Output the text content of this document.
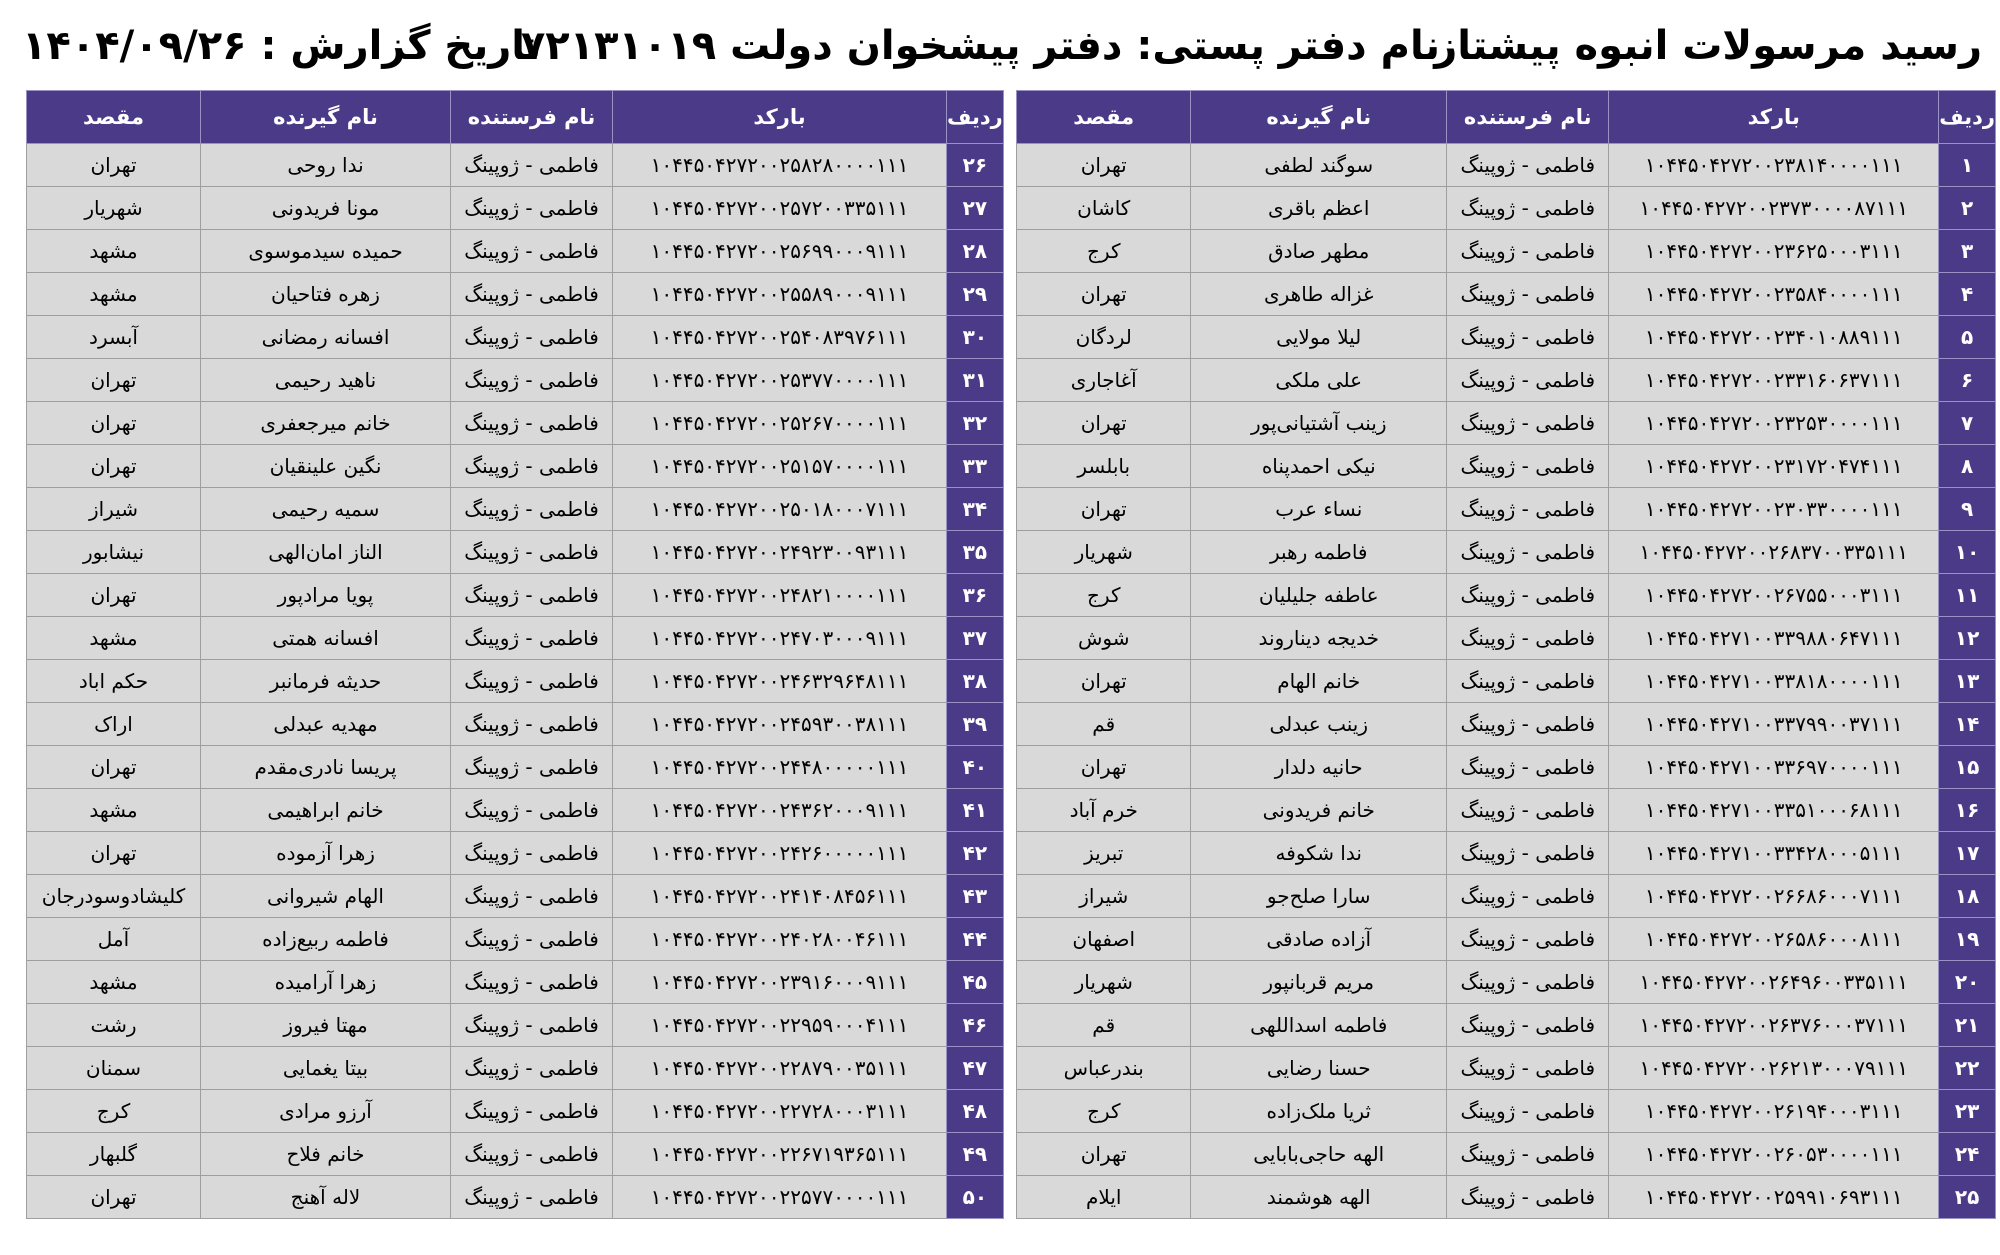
رسید مرسولات انبوه پیشتاز
نام دفتر پستی: دفتر پیشخوان دولت ۷۲۱۳۱۰۱۹
تاریخ گزارش : ۱۴۰۴/۰۹/۲۶
ردیف	بارکد	نام فرستنده	نام گیرنده	مقصد
۱	۱۰۴۴۵۰۴۲۷۲۰۰۲۳۸۱۴۰۰۰۰۱۱۱	فاطمی - ژوپینگ	سوگند لطفی	تهران
۲	۱۰۴۴۵۰۴۲۷۲۰۰۲۳۷۳۰۰۰۰۸۷۱۱۱	فاطمی - ژوپینگ	اعظم باقری	کاشان
۳	۱۰۴۴۵۰۴۲۷۲۰۰۲۳۶۲۵۰۰۰۳۱۱۱	فاطمی - ژوپینگ	مطهر صادق	کرج
۴	۱۰۴۴۵۰۴۲۷۲۰۰۲۳۵۸۴۰۰۰۰۱۱۱	فاطمی - ژوپینگ	غزاله طاهری	تهران
۵	۱۰۴۴۵۰۴۲۷۲۰۰۲۳۴۰۱۰۸۸۹۱۱۱	فاطمی - ژوپینگ	لیلا مولایی	لردگان
۶	۱۰۴۴۵۰۴۲۷۲۰۰۲۳۳۱۶۰۶۳۷۱۱۱	فاطمی - ژوپینگ	علی ملکی	آغاجاری
۷	۱۰۴۴۵۰۴۲۷۲۰۰۲۳۲۵۳۰۰۰۰۱۱۱	فاطمی - ژوپینگ	زینب آشتیانی‌پور	تهران
۸	۱۰۴۴۵۰۴۲۷۲۰۰۲۳۱۷۲۰۴۷۴۱۱۱	فاطمی - ژوپینگ	نیکی احمدپناه	بابلسر
۹	۱۰۴۴۵۰۴۲۷۲۰۰۲۳۰۳۳۰۰۰۰۱۱۱	فاطمی - ژوپینگ	نساء عرب	تهران
۱۰	۱۰۴۴۵۰۴۲۷۲۰۰۲۶۸۳۷۰۰۳۳۵۱۱۱	فاطمی - ژوپینگ	فاطمه رهبر	شهریار
۱۱	۱۰۴۴۵۰۴۲۷۲۰۰۲۶۷۵۵۰۰۰۳۱۱۱	فاطمی - ژوپینگ	عاطفه جلیلیان	کرج
۱۲	۱۰۴۴۵۰۴۲۷۱۰۰۳۳۹۸۸۰۶۴۷۱۱۱	فاطمی - ژوپینگ	خدیجه دیناروند	شوش
۱۳	۱۰۴۴۵۰۴۲۷۱۰۰۳۳۸۱۸۰۰۰۰۱۱۱	فاطمی - ژوپینگ	خانم الهام	تهران
۱۴	۱۰۴۴۵۰۴۲۷۱۰۰۳۳۷۹۹۰۰۳۷۱۱۱	فاطمی - ژوپینگ	زینب عبدلی	قم
۱۵	۱۰۴۴۵۰۴۲۷۱۰۰۳۳۶۹۷۰۰۰۰۱۱۱	فاطمی - ژوپینگ	حانیه دلدار	تهران
۱۶	۱۰۴۴۵۰۴۲۷۱۰۰۳۳۵۱۰۰۰۶۸۱۱۱	فاطمی - ژوپینگ	خانم فریدونی	خرم آباد
۱۷	۱۰۴۴۵۰۴۲۷۱۰۰۳۳۴۲۸۰۰۰۵۱۱۱	فاطمی - ژوپینگ	ندا شکوفه	تبریز
۱۸	۱۰۴۴۵۰۴۲۷۲۰۰۲۶۶۸۶۰۰۰۷۱۱۱	فاطمی - ژوپینگ	سارا صلح‌جو	شیراز
۱۹	۱۰۴۴۵۰۴۲۷۲۰۰۲۶۵۸۶۰۰۰۸۱۱۱	فاطمی - ژوپینگ	آزاده صادقی	اصفهان
۲۰	۱۰۴۴۵۰۴۲۷۲۰۰۲۶۴۹۶۰۰۳۳۵۱۱۱	فاطمی - ژوپینگ	مریم قربانپور	شهریار
۲۱	۱۰۴۴۵۰۴۲۷۲۰۰۲۶۳۷۶۰۰۰۳۷۱۱۱	فاطمی - ژوپینگ	فاطمه اسداللهی	قم
۲۲	۱۰۴۴۵۰۴۲۷۲۰۰۲۶۲۱۳۰۰۰۷۹۱۱۱	فاطمی - ژوپینگ	حسنا رضایی	بندرعباس
۲۳	۱۰۴۴۵۰۴۲۷۲۰۰۲۶۱۹۴۰۰۰۳۱۱۱	فاطمی - ژوپینگ	ثریا ملک‌زاده	کرج
۲۴	۱۰۴۴۵۰۴۲۷۲۰۰۲۶۰۵۳۰۰۰۰۱۱۱	فاطمی - ژوپینگ	الهه حاجی‌بابایی	تهران
۲۵	۱۰۴۴۵۰۴۲۷۲۰۰۲۵۹۹۱۰۶۹۳۱۱۱	فاطمی - ژوپینگ	الهه هوشمند	ایلام
ردیف	بارکد	نام فرستنده	نام گیرنده	مقصد
۲۶	۱۰۴۴۵۰۴۲۷۲۰۰۲۵۸۲۸۰۰۰۰۱۱۱	فاطمی - ژوپینگ	ندا روحی	تهران
۲۷	۱۰۴۴۵۰۴۲۷۲۰۰۲۵۷۲۰۰۳۳۵۱۱۱	فاطمی - ژوپینگ	مونا فریدونی	شهریار
۲۸	۱۰۴۴۵۰۴۲۷۲۰۰۲۵۶۹۹۰۰۰۹۱۱۱	فاطمی - ژوپینگ	حمیده سیدموسوی	مشهد
۲۹	۱۰۴۴۵۰۴۲۷۲۰۰۲۵۵۸۹۰۰۰۹۱۱۱	فاطمی - ژوپینگ	زهره فتاحیان	مشهد
۳۰	۱۰۴۴۵۰۴۲۷۲۰۰۲۵۴۰۸۳۹۷۶۱۱۱	فاطمی - ژوپینگ	افسانه رمضانی	آبسرد
۳۱	۱۰۴۴۵۰۴۲۷۲۰۰۲۵۳۷۷۰۰۰۰۱۱۱	فاطمی - ژوپینگ	ناهید رحیمی	تهران
۳۲	۱۰۴۴۵۰۴۲۷۲۰۰۲۵۲۶۷۰۰۰۰۱۱۱	فاطمی - ژوپینگ	خانم میرجعفری	تهران
۳۳	۱۰۴۴۵۰۴۲۷۲۰۰۲۵۱۵۷۰۰۰۰۱۱۱	فاطمی - ژوپینگ	نگین علینقیان	تهران
۳۴	۱۰۴۴۵۰۴۲۷۲۰۰۲۵۰۱۸۰۰۰۷۱۱۱	فاطمی - ژوپینگ	سمیه رحیمی	شیراز
۳۵	۱۰۴۴۵۰۴۲۷۲۰۰۲۴۹۲۳۰۰۹۳۱۱۱	فاطمی - ژوپینگ	الناز امان‌الهی	نیشابور
۳۶	۱۰۴۴۵۰۴۲۷۲۰۰۲۴۸۲۱۰۰۰۰۱۱۱	فاطمی - ژوپینگ	پویا مرادپور	تهران
۳۷	۱۰۴۴۵۰۴۲۷۲۰۰۲۴۷۰۳۰۰۰۹۱۱۱	فاطمی - ژوپینگ	افسانه همتی	مشهد
۳۸	۱۰۴۴۵۰۴۲۷۲۰۰۲۴۶۳۲۹۶۴۸۱۱۱	فاطمی - ژوپینگ	حدیثه فرمانبر	حکم اباد
۳۹	۱۰۴۴۵۰۴۲۷۲۰۰۲۴۵۹۳۰۰۳۸۱۱۱	فاطمی - ژوپینگ	مهدیه عبدلی	اراک
۴۰	۱۰۴۴۵۰۴۲۷۲۰۰۲۴۴۸۰۰۰۰۰۱۱۱	فاطمی - ژوپینگ	پریسا نادری‌مقدم	تهران
۴۱	۱۰۴۴۵۰۴۲۷۲۰۰۲۴۳۶۲۰۰۰۹۱۱۱	فاطمی - ژوپینگ	خانم ابراهیمی	مشهد
۴۲	۱۰۴۴۵۰۴۲۷۲۰۰۲۴۲۶۰۰۰۰۰۱۱۱	فاطمی - ژوپینگ	زهرا آزموده	تهران
۴۳	۱۰۴۴۵۰۴۲۷۲۰۰۲۴۱۴۰۸۴۵۶۱۱۱	فاطمی - ژوپینگ	الهام شیروانی	کلیشادوسودرجان
۴۴	۱۰۴۴۵۰۴۲۷۲۰۰۲۴۰۲۸۰۰۴۶۱۱۱	فاطمی - ژوپینگ	فاطمه ربیع‌زاده	آمل
۴۵	۱۰۴۴۵۰۴۲۷۲۰۰۲۳۹۱۶۰۰۰۹۱۱۱	فاطمی - ژوپینگ	زهرا آرامیده	مشهد
۴۶	۱۰۴۴۵۰۴۲۷۲۰۰۲۲۹۵۹۰۰۰۴۱۱۱	فاطمی - ژوپینگ	مهتا فیروز	رشت
۴۷	۱۰۴۴۵۰۴۲۷۲۰۰۲۲۸۷۹۰۰۳۵۱۱۱	فاطمی - ژوپینگ	بیتا یغمایی	سمنان
۴۸	۱۰۴۴۵۰۴۲۷۲۰۰۲۲۷۲۸۰۰۰۳۱۱۱	فاطمی - ژوپینگ	آرزو مرادی	کرج
۴۹	۱۰۴۴۵۰۴۲۷۲۰۰۲۲۶۷۱۹۳۶۵۱۱۱	فاطمی - ژوپینگ	خانم فلاح	گلبهار
۵۰	۱۰۴۴۵۰۴۲۷۲۰۰۲۲۵۷۷۰۰۰۰۱۱۱	فاطمی - ژوپینگ	لاله آهنج	تهران
